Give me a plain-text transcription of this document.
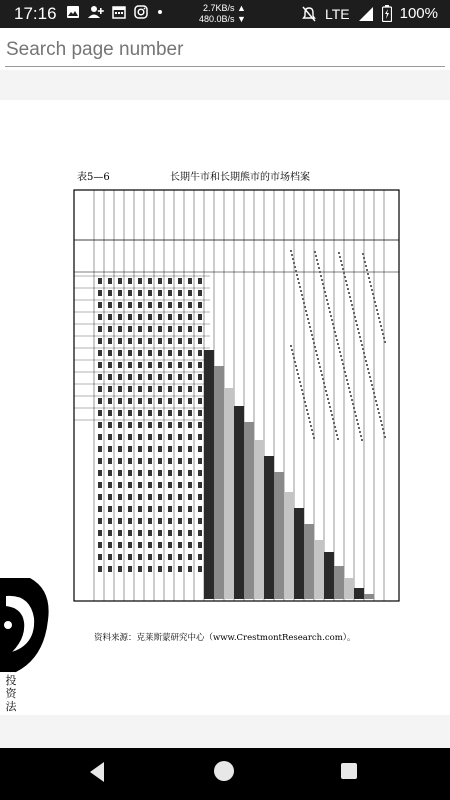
17:16	2.7KB/s ▲
480.0B/s ▼	LTE	100%
Search page number
表5—6	长期牛市和长期熊市的市场档案
资料来源：克莱斯蒙研究中心（www.CrestmontResearch.com）。
牛
眼
投
资
法
